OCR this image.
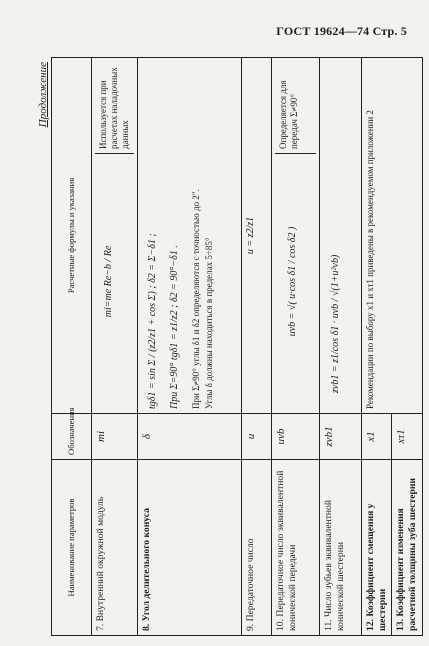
ГОСТ 19624—74 Стр. 5
Продолжение
Наименование параметров	Обозначения	Расчетные формулы и указания
7. Внутренний окружной модуль	mi	mi=me Re−b / Re
Используется при расчетах наладочных данных

8. Угол делительного конуса	δ	tgδ1 = sin Σ / (z2/z1 + cos Σ) ; δ2 = Σ−δ1 ; При Σ=90° tgδ1 = z1/z2 ; δ2 = 90°−δ1 . При Σ≠90° углы δ1 и δ2 определяются с точностью до 2″. Углы δ должны находиться в пределах 5÷85°

9. Передаточное число	u	u = z2/z1
10. Передаточное число эквивалентной конической передачи	uvb	uvb = √( u·cos δ1 / cos δ2 )
Определяется для передач Σ≠90°

11. Число зубьев эквивалентной конической шестерни	zvb1	zvb1 = z1/cos δ1 · uvb / √(1+u²vb)
12. Коэффициент смещения у шестерни	x1	Рекомендации по выбору x1 и xτ1 приведены в рекомендуемом приложении 2
13. Коэффициент изменения расчетной толщины зуба шестерни	xτ1	
